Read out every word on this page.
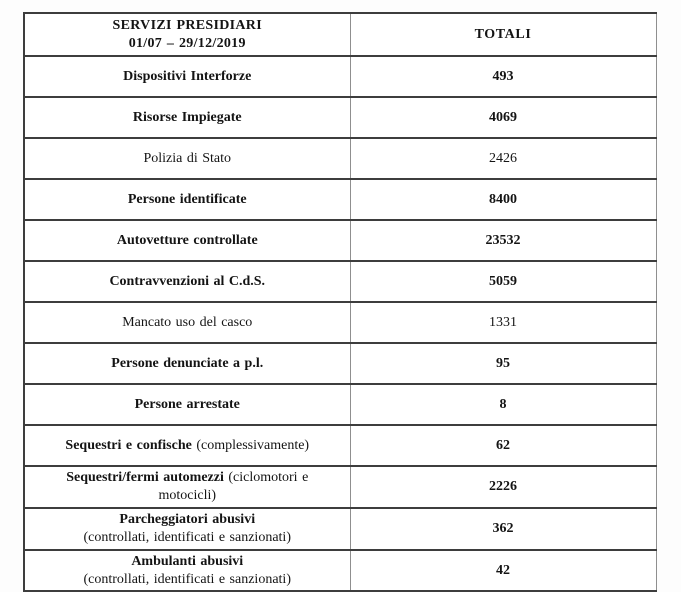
SERVIZI PRESIDIARI
01/07 – 29/12/2019	TOTALI
Dispositivi Interforze	493
Risorse Impiegate	4069
Polizia di Stato	2426
Persone identificate	8400
Autovetture controllate	23532
Contravvenzioni al C.d.S.	5059
Mancato uso del casco	1331
Persone denunciate a p.l.	95
Persone arrestate	8
Sequestri e confische (complessivamente)	62
Sequestri/fermi automezzi (ciclomotori e motocicli)	2226

Parcheggiatori abusivi
(controllati, identificati e sanzionati)	362

Ambulanti abusivi
(controllati, identificati e sanzionati)	42
